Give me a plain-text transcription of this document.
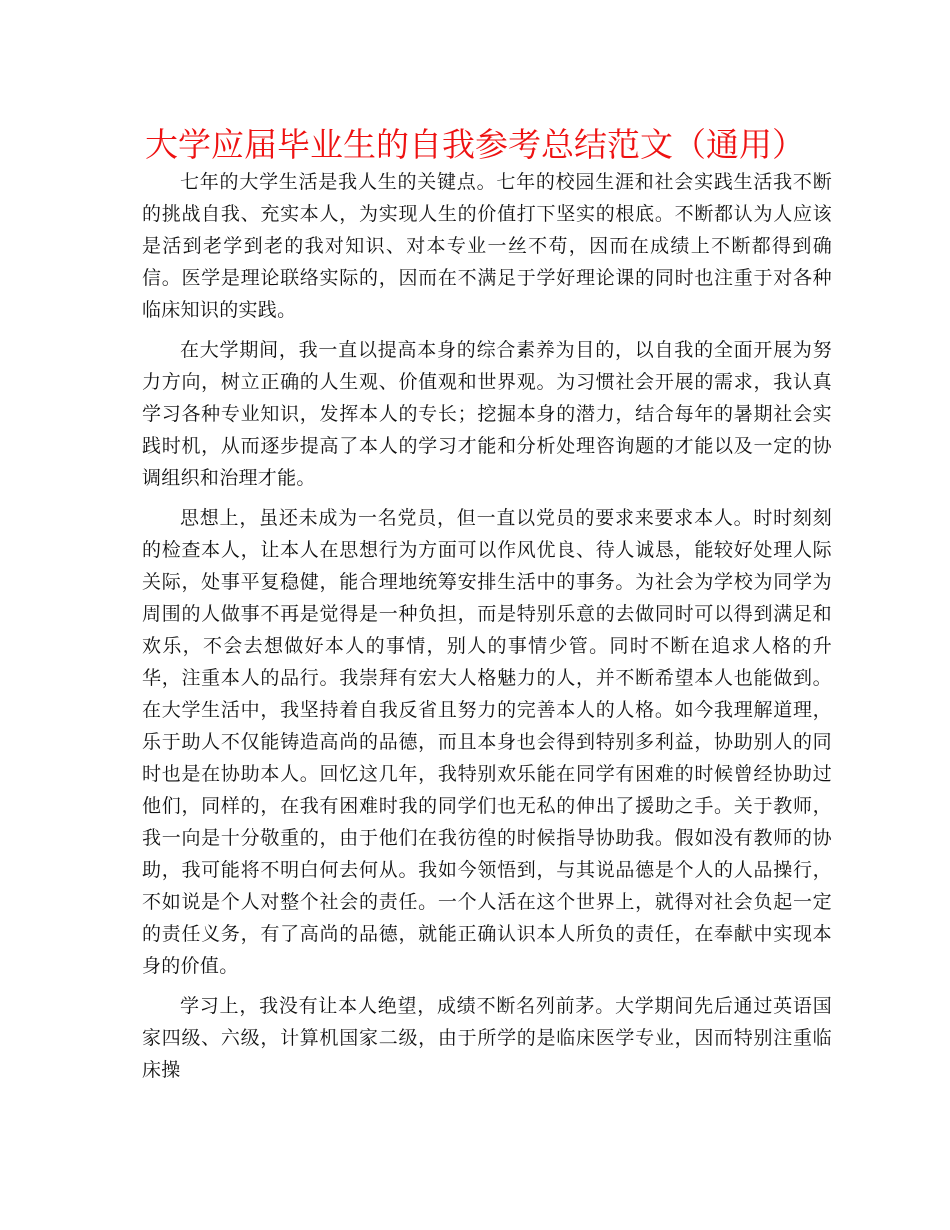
大学应届毕业生的自我参考总结范文（通用）

七年的大学生活是我人生的关键点。七年的校园生涯和社会实践生活我不断的挑战自我、充实本人，为实现人生的价值打下坚实的根底。不断都认为人应该是活到老学到老的我对知识、对本专业一丝不苟，因而在成绩上不断都得到确信。医学是理论联络实际的，因而在不满足于学好理论课的同时也注重于对各种临床知识的实践。

在大学期间，我一直以提高本身的综合素养为目的，以自我的全面开展为努力方向，树立正确的人生观、价值观和世界观。为习惯社会开展的需求，我认真学习各种专业知识，发挥本人的专长；挖掘本身的潜力，结合每年的暑期社会实践时机，从而逐步提高了本人的学习才能和分析处理咨询题的才能以及一定的协调组织和治理才能。

思想上，虽还未成为一名党员，但一直以党员的要求来要求本人。时时刻刻的检查本人，让本人在思想行为方面可以作风优良、待人诚恳，能较好处理人际关际，处事平复稳健，能合理地统筹安排生活中的事务。为社会为学校为同学为周围的人做事不再是觉得是一种负担，而是特别乐意的去做同时可以得到满足和欢乐，不会去想做好本人的事情，别人的事情少管。同时不断在追求人格的升华，注重本人的品行。我崇拜有宏大人格魅力的人，并不断希望本人也能做到。在大学生活中，我坚持着自我反省且努力的完善本人的人格。如今我理解道理，乐于助人不仅能铸造高尚的品德，而且本身也会得到特别多利益，协助别人的同时也是在协助本人。回忆这几年，我特别欢乐能在同学有困难的时候曾经协助过他们，同样的，在我有困难时我的同学们也无私的伸出了援助之手。关于教师，我一向是十分敬重的，由于他们在我彷徨的时候指导协助我。假如没有教师的协助，我可能将不明白何去何从。我如今领悟到，与其说品德是个人的人品操行，不如说是个人对整个社会的责任。一个人活在这个世界上，就得对社会负起一定的责任义务，有了高尚的品德，就能正确认识本人所负的责任，在奉献中实现本身的价值。

学习上，我没有让本人绝望，成绩不断名列前茅。大学期间先后通过英语国家四级、六级，计算机国家二级，由于所学的是临床医学专业，因而特别注重临床操
